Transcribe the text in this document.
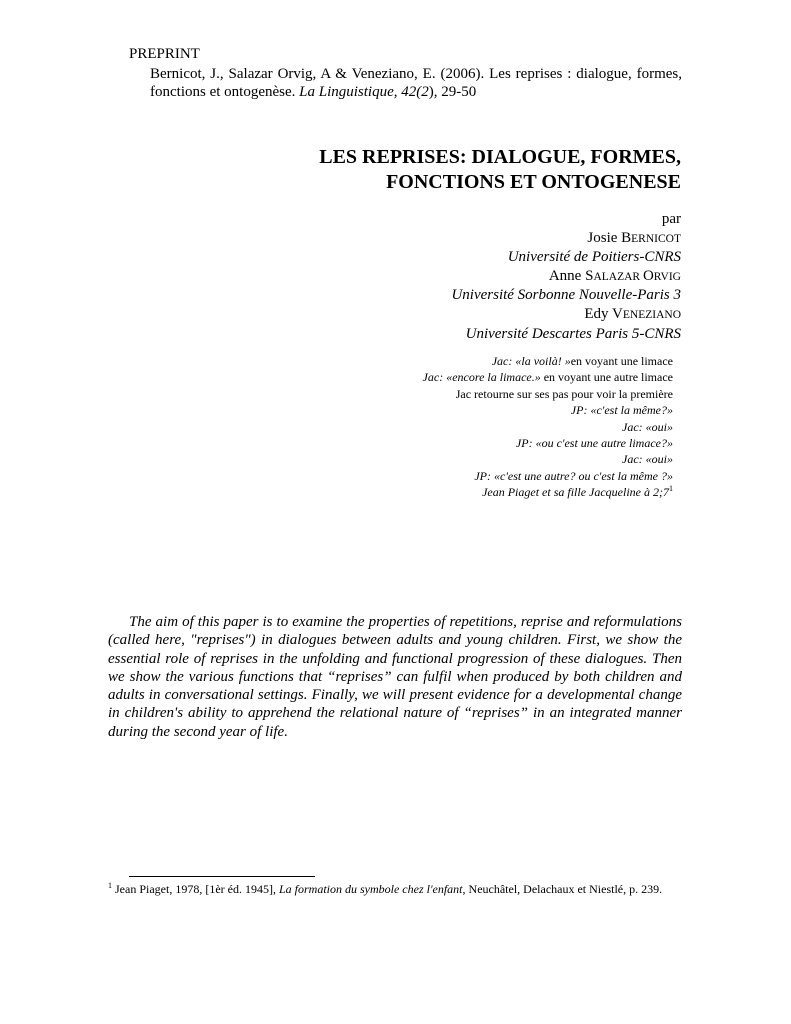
PREPRINT
Bernicot, J., Salazar Orvig, A & Veneziano, E. (2006). Les reprises : dialogue, formes, fonctions et ontogenèse. La Linguistique, 42(2), 29-50
LES REPRISES: DIALOGUE, FORMES,
FONCTIONS ET ONTOGENESE
par
Josie BERNICOT
Université de Poitiers-CNRS
Anne SALAZAR ORVIG
Université Sorbonne Nouvelle-Paris 3
Edy VENEZIANO
Université Descartes Paris 5-CNRS
Jac: «la voilà! »en voyant une limace
Jac: «encore la limace.» en voyant une autre limace
Jac retourne sur ses pas pour voir la première
JP: «c'est la même?»
Jac: «oui»
JP: «ou c'est une autre limace?»
Jac: «oui»
JP: «c'est une autre? ou c'est la même ?»
Jean Piaget et sa fille Jacqueline à $2;7^1$
The aim of this paper is to examine the properties of repetitions, reprise and reformulations (called here, "reprises") in dialogues between adults and young children. First, we show the essential role of reprises in the unfolding and functional progression of these dialogues. Then we show the various functions that “reprises” can fulfil when produced by both children and adults in conversational settings. Finally, we will present evidence for a developmental change in children's ability to apprehend the relational nature of “reprises” in an integrated manner during the second year of life.
$^1$ Jean Piaget, 1978, [1èr éd. 1945], La formation du symbole chez l'enfant, Neuchâtel, Delachaux et Niestlé, p. 239.
